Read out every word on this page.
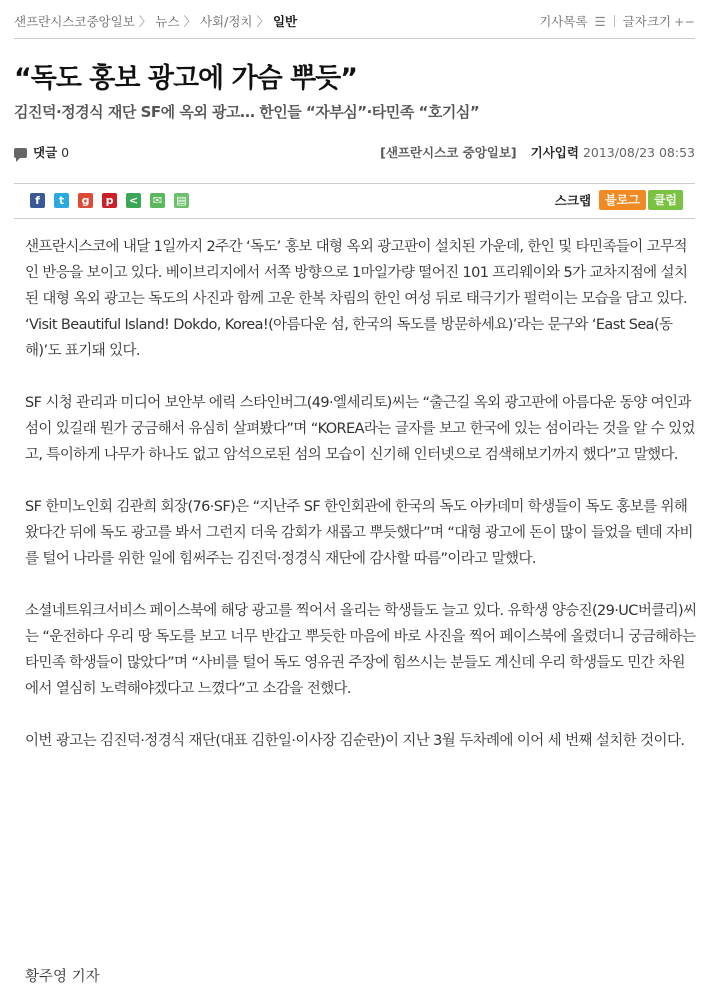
샌프란시스코중앙일보 〉 뉴스 〉 사회/정치 〉 일반	기사목록 ☰ 글자크기 +−
“독도 홍보 광고에 가슴 뿌듯”
김진덕·정경식 재단 SF에 옥외 광고… 한인들 “자부심”·타민족 “호기심”
댓글 0	[샌프란시스코 중앙일보] 기사입력 2013/08/23 08:53
f t g p < ✉ ▤	스크랩 블로그 클럽

샌프란시스코에 내달 1일까지 2주간 ‘독도’ 홍보 대형 옥외 광고판이 설치된 가운데, 한인 및 타민족들이 고무적인 반응을 보이고 있다. 베이브리지에서 서쪽 방향으로 1마일가량 떨어진 101 프리웨이와 5가 교차지점에 설치된 대형 옥외 광고는 독도의 사진과 함께 고운 한복 차림의 한인 여성 뒤로 태극기가 펄럭이는 모습을 담고 있다. ‘Visit Beautiful Island! Dokdo, Korea!(아름다운 섬, 한국의 독도를 방문하세요)’라는 문구와 ‘East Sea(동해)’도 표기돼 있다.

SF 시청 관리과 미디어 보안부 에릭 스타인버그(49·엘세리토)씨는 “출근길 옥외 광고판에 아름다운 동양 여인과 섬이 있길래 뭔가 궁금해서 유심히 살펴봤다”며 “KOREA라는 글자를 보고 한국에 있는 섬이라는 것을 알 수 있었고, 특이하게 나무가 하나도 없고 암석으로된 섬의 모습이 신기해 인터넷으로 검색해보기까지 했다”고 말했다.

SF 한미노인회 김관희 회장(76·SF)은 “지난주 SF 한인회관에 한국의 독도 아카데미 학생들이 독도 홍보를 위해 왔다간 뒤에 독도 광고를 봐서 그런지 더욱 감회가 새롭고 뿌듯했다”며 “대형 광고에 돈이 많이 들었을 텐데 자비를 털어 나라를 위한 일에 힘써주는 김진덕·정경식 재단에 감사할 따름”이라고 말했다.

소셜네트워크서비스 페이스북에 해당 광고를 찍어서 올리는 학생들도 늘고 있다. 유학생 양승진(29·UC버클리)씨는 “운전하다 우리 땅 독도를 보고 너무 반갑고 뿌듯한 마음에 바로 사진을 찍어 페이스북에 올렸더니 궁금해하는 타민족 학생들이 많았다”며 “사비를 털어 독도 영유권 주장에 힘쓰시는 분들도 계신데 우리 학생들도 민간 차원에서 열심히 노력해야겠다고 느꼈다”고 소감을 전했다.

이번 광고는 김진덕·정경식 재단(대표 김한일·이사장 김순란)이 지난 3월 두차례에 이어 세 번째 설치한 것이다.

황주영 기자
